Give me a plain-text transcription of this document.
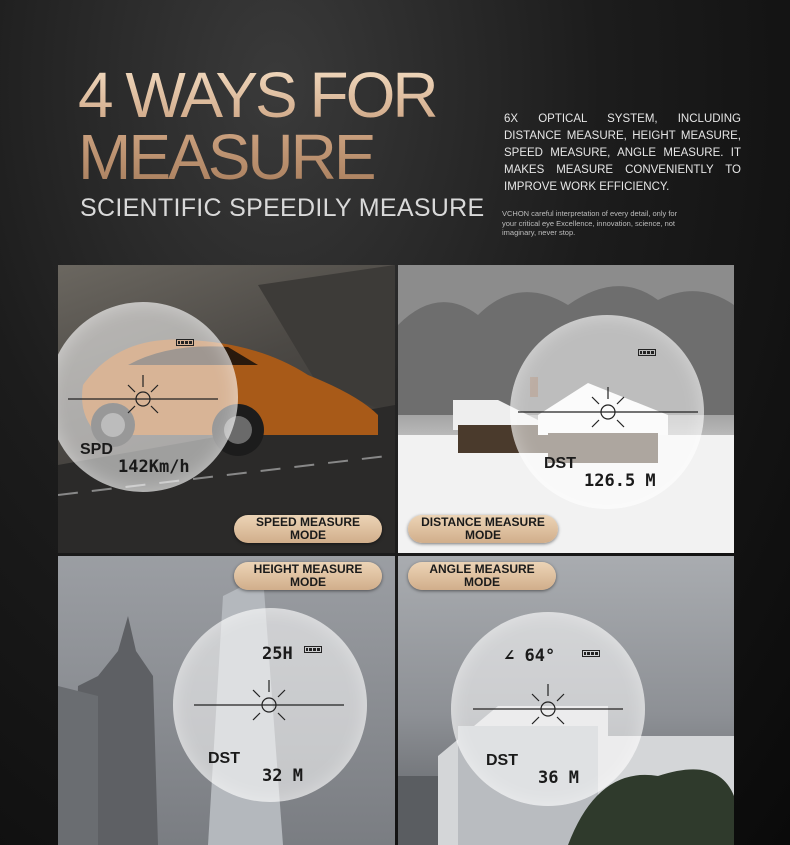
4 WAYS FOR
MEASURE
SCIENTIFIC SPEEDILY MEASURE
6X OPTICAL SYSTEM, INCLUDING DISTANCE MEASURE, HEIGHT MEASURE, SPEED MEASURE, ANGLE MEASURE. IT MAKES MEASURE CONVENIENTLY TO IMPROVE WORK EFFICIENCY.
VCHON careful interpretation of every detail, only for your critical eye Excellence, innovation, science, not imaginary, never stop.
SPD
142Km/h
SPEED MEASURE
MODE
DST
126.5 M
DISTANCE MEASURE
MODE
25H
DST
32 M
HEIGHT MEASURE
MODE
∠ 64°
DST
36 M
ANGLE MEASURE
MODE
